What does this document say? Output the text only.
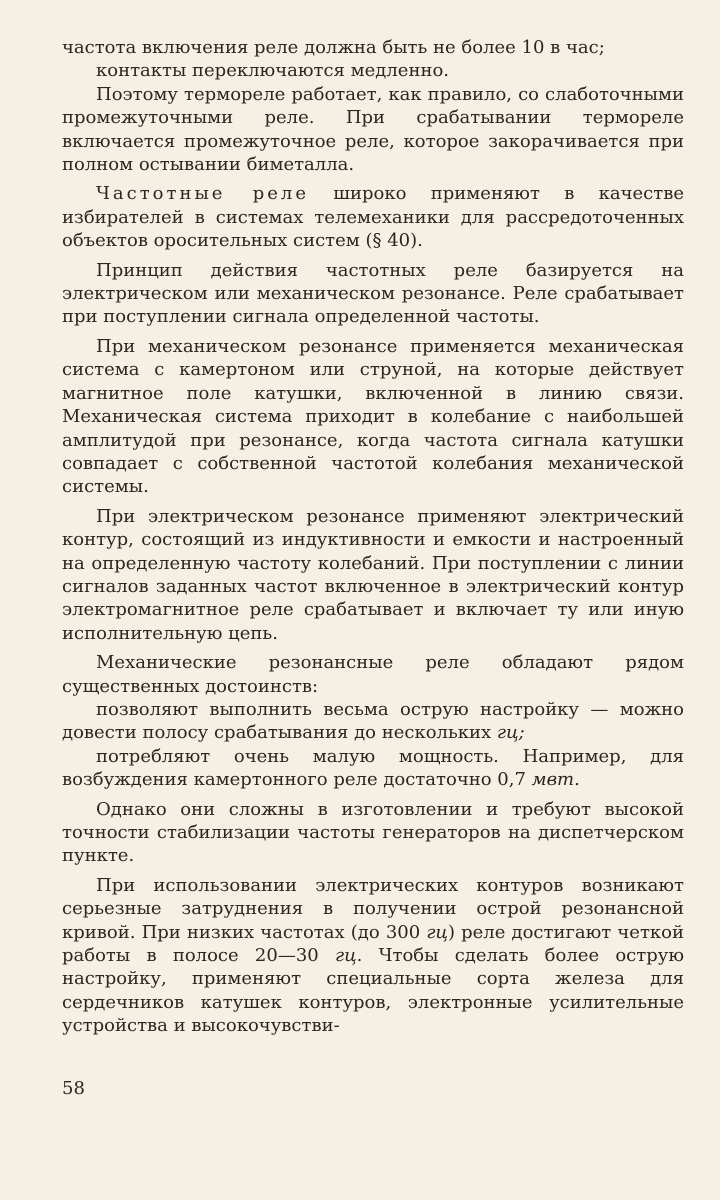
частота включения реле должна быть не более 10 в час;

контакты переключаются медленно.

Поэтому термореле работает, как правило, со слаботочными промежуточными реле. При срабатывании термореле включается промежуточное реле, которое закорачивается при полном остывании биметалла.

Частотные реле широко применяют в качестве избирателей в системах телемеханики для рассредоточенных объектов оросительных систем (§ 40).

Принцип действия частотных реле базируется на электрическом или механическом резонансе. Реле срабатывает при поступлении сигнала определенной частоты.

При механическом резонансе применяется механическая система с камертоном или струной, на которые действует магнитное поле катушки, включенной в линию связи. Механическая система приходит в колебание с наибольшей амплитудой при резонансе, когда частота сигнала катушки совпадает с собственной частотой колебания механической системы.

При электрическом резонансе применяют электрический контур, состоящий из индуктивности и емкости и настроенный на определенную частоту колебаний. При поступлении с линии сигналов заданных частот включенное в электрический контур электромагнитное реле срабатывает и включает ту или иную исполнительную цепь.

Механические резонансные реле обладают рядом существенных достоинств:

позволяют выполнить весьма острую настройку — можно довести полосу срабатывания до нескольких гц;

потребляют очень малую мощность. Например, для возбуждения камертонного реле достаточно 0,7 мвт.

Однако они сложны в изготовлении и требуют высокой точности стабилизации частоты генераторов на диспетчерском пункте.

При использовании электрических контуров возникают серьезные затруднения в получении острой резонансной кривой. При низких частотах (до 300 гц) реле достигают четкой работы в полосе 20—30 гц. Чтобы сделать более острую настройку, применяют специальные сорта железа для сердечников катушек контуров, электронные усилительные устройства и высокочувстви-

58
